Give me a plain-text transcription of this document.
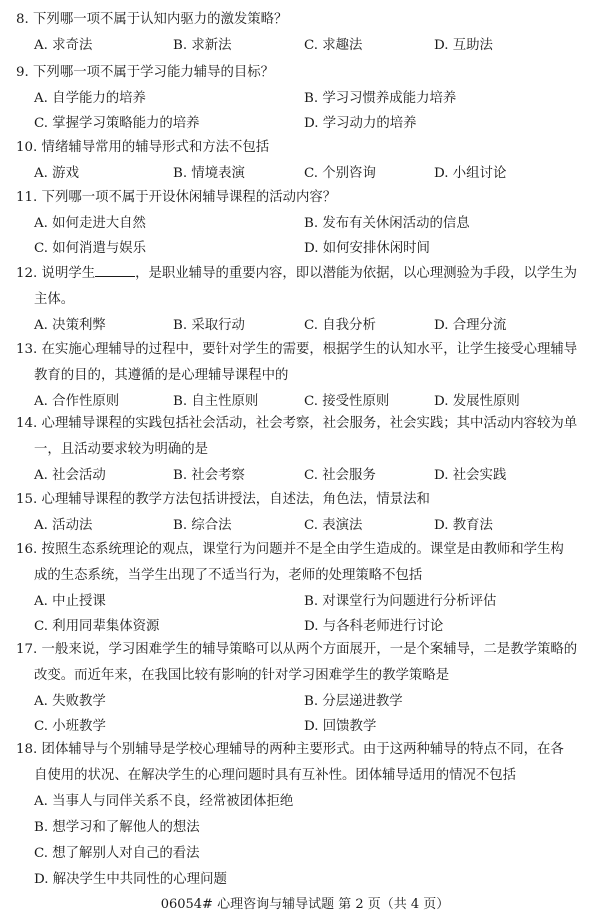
8. 下列哪一项不属于认知内驱力的激发策略？
A. 求奇法	B. 求新法	C. 求趣法	D. 互助法
9. 下列哪一项不属于学习能力辅导的目标？
A. 自学能力的培养	B. 学习习惯养成能力培养
C. 掌握学习策略能力的培养	D. 学习动力的培养
10. 情绪辅导常用的辅导形式和方法不包括
A. 游戏	B. 情境表演	C. 个别咨询	D. 小组讨论
11. 下列哪一项不属于开设休闲辅导课程的活动内容？
A. 如何走进大自然	B. 发布有关休闲活动的信息
C. 如何消遣与娱乐	D. 如何安排休闲时间
12. 说明学生	，是职业辅导的重要内容，即以潜能为依据，以心理测验为手段，以学生为
主体。
A. 决策利弊	B. 采取行动	C. 自我分析	D. 合理分流
13. 在实施心理辅导的过程中，要针对学生的需要，根据学生的认知水平，让学生接受心理辅导
教育的目的，其遵循的是心理辅导课程中的
A. 合作性原则	B. 自主性原则	C. 接受性原则	D. 发展性原则
14. 心理辅导课程的实践包括社会活动，社会考察，社会服务，社会实践；其中活动内容较为单
一，且活动要求较为明确的是
A. 社会活动	B. 社会考察	C. 社会服务	D. 社会实践
15. 心理辅导课程的教学方法包括讲授法，自述法，角色法，情景法和
A. 活动法	B. 综合法	C. 表演法	D. 教育法
16. 按照生态系统理论的观点，课堂行为问题并不是全由学生造成的。课堂是由教师和学生构
成的生态系统，当学生出现了不适当行为，老师的处理策略不包括
A. 中止授课	B. 对课堂行为问题进行分析评估
C. 利用同辈集体资源	D. 与各科老师进行讨论
17. 一般来说，学习困难学生的辅导策略可以从两个方面展开，一是个案辅导，二是教学策略的
改变。而近年来，在我国比较有影响的针对学习困难学生的教学策略是
A. 失败教学	B. 分层递进教学
C. 小班教学	D. 回馈教学
18. 团体辅导与个别辅导是学校心理辅导的两种主要形式。由于这两种辅导的特点不同，在各
自使用的状况、在解决学生的心理问题时具有互补性。团体辅导适用的情况不包括
A. 当事人与同伴关系不良，经常被团体拒绝
B. 想学习和了解他人的想法
C. 想了解别人对自己的看法
D. 解决学生中共同性的心理问题
06054# 心理咨询与辅导试题 第 2 页（共 4 页）
